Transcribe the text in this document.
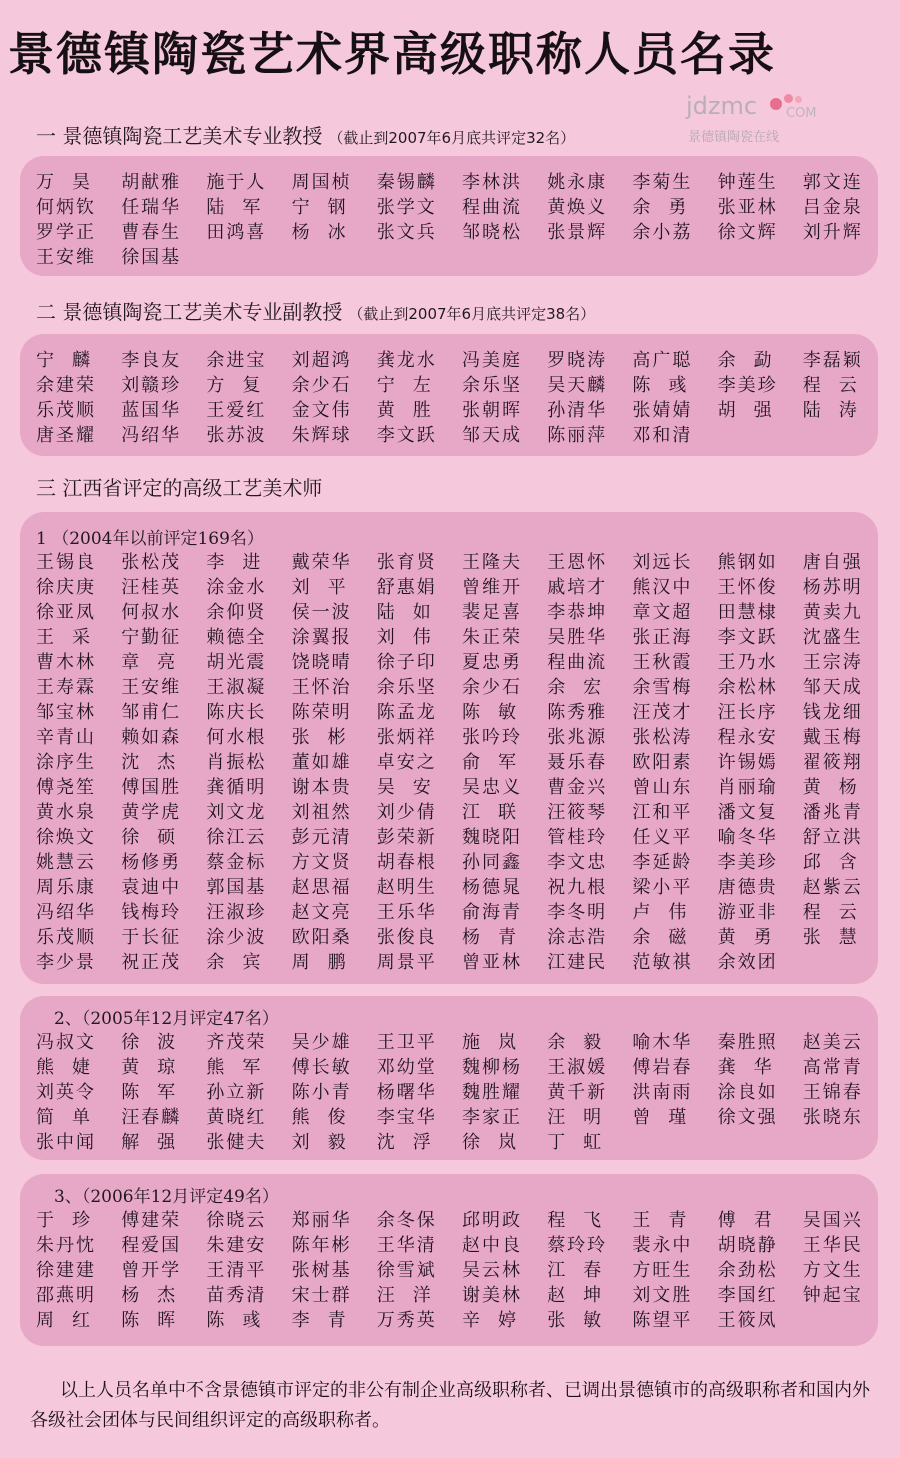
景德镇陶瓷艺术界高级职称人员名录
jdzmc COM
景德镇陶瓷在线
一 景德镇陶瓷工艺美术专业教授 （截止到2007年6月底共评定32名）
万昊 胡献雅 施于人 周国桢 秦锡麟 李林洪 姚永康 李菊生 钟莲生 郭文连
何炳钦 任瑞华 陆军 宁钢 张学文 程曲流 黄焕义 余勇 张亚林 吕金泉
罗学正 曹春生 田鸿喜 杨冰 张文兵 邹晓松 张景辉 余小荔 徐文辉 刘升辉
王安维 徐国基
二 景德镇陶瓷工艺美术专业副教授 （截止到2007年6月底共评定38名）
宁麟 李良友 余进宝 刘超鸿 龚龙水 冯美庭 罗晓涛 高广聪 余勐 李磊颖
余建荣 刘赣珍 方复 余少石 宁左 余乐坚 吴天麟 陈彧 李美珍 程云
乐茂顺 蓝国华 王爱红 金文伟 黄胜 张朝晖 孙清华 张婧婧 胡强 陆涛
唐圣耀 冯绍华 张苏波 朱辉球 李文跃 邹天成 陈丽萍 邓和清
三 江西省评定的高级工艺美术师
1 （2004年以前评定169名）
王锡良 张松茂 李进 戴荣华 张育贤 王隆夫 王恩怀 刘远长 熊钢如 唐自强
徐庆庚 汪桂英 涂金水 刘平 舒惠娟 曾维开 戚培才 熊汉中 王怀俊 杨苏明
徐亚凤 何叔水 余仰贤 侯一波 陆如 裴足喜 李恭坤 章文超 田慧棣 黄卖九
王采 宁勤征 赖德全 涂翼报 刘伟 朱正荣 吴胜华 张正海 李文跃 沈盛生
曹木林 章亮 胡光震 饶晓晴 徐子印 夏忠勇 程曲流 王秋霞 王乃水 王宗涛
王寿霖 王安维 王淑凝 王怀治 余乐坚 余少石 余宏 余雪梅 余松林 邹天成
邹宝林 邹甫仁 陈庆长 陈荣明 陈孟龙 陈敏 陈秀雅 汪茂才 汪长序 钱龙细
辛青山 赖如森 何水根 张彬 张炳祥 张吟玲 张兆源 张松涛 程永安 戴玉梅
涂序生 沈杰 肖振松 董如雄 卓安之 俞军 聂乐春 欧阳素 许锡嫣 翟筱翔
傅尧笙 傅国胜 龚循明 谢本贵 吴安 吴忠义 曹金兴 曾山东 肖丽瑜 黄杨
黄水泉 黄学虎 刘文龙 刘祖然 刘少倩 江联 汪筱琴 江和平 潘文复 潘兆青
徐焕文 徐硕 徐江云 彭元清 彭荣新 魏晓阳 管桂玲 任义平 喻冬华 舒立洪
姚慧云 杨修勇 蔡金标 方文贤 胡春根 孙同鑫 李文忠 李延龄 李美珍 邱含
周乐康 袁迪中 郭国基 赵思福 赵明生 杨德晁 祝九根 梁小平 唐德贵 赵紫云
冯绍华 钱梅玲 汪淑珍 赵文亮 王乐华 俞海青 李冬明 卢伟 游亚非 程云
乐茂顺 于长征 涂少波 欧阳桑 张俊良 杨青 涂志浩 余磁 黄勇 张慧
李少景 祝正茂 余宾 周鹏 周景平 曾亚林 江建民 范敏祺 余效团
2、（2005年12月评定47名）
冯叔文 徐波 齐茂荣 吴少雄 王卫平 施岚 余毅 喻木华 秦胜照 赵美云
熊婕 黄琼 熊军 傅长敏 邓幼堂 魏柳杨 王淑媛 傅岩春 龚华 高常青
刘英令 陈军 孙立新 陈小青 杨曙华 魏胜耀 黄千新 洪南雨 涂良如 王锦春
简单 汪春麟 黄晓红 熊俊 李宝华 李家正 汪明 曾瑾 徐文强 张晓东
张中闻 解强 张健夫 刘毅 沈浮 徐岚 丁虹
3、（2006年12月评定49名）
于珍 傅建荣 徐晓云 郑丽华 余冬保 邱明政 程飞 王青 傅君 吴国兴
朱丹忱 程爱国 朱建安 陈年彬 王华清 赵中良 蔡玲玲 裴永中 胡晓静 王华民
徐建建 曾开学 王清平 张树基 徐雪斌 吴云林 江春 方旺生 余劲松 方文生
邵燕明 杨杰 苗秀清 宋士群 汪洋 谢美林 赵坤 刘文胜 李国红 钟起宝
周红 陈晖 陈彧 李青 万秀英 辛婷 张敏 陈望平 王筱凤
以上人员名单中不含景德镇市评定的非公有制企业高级职称者、已调出景德镇市的高级职称者和国内外各级社会团体与民间组织评定的高级职称者。
